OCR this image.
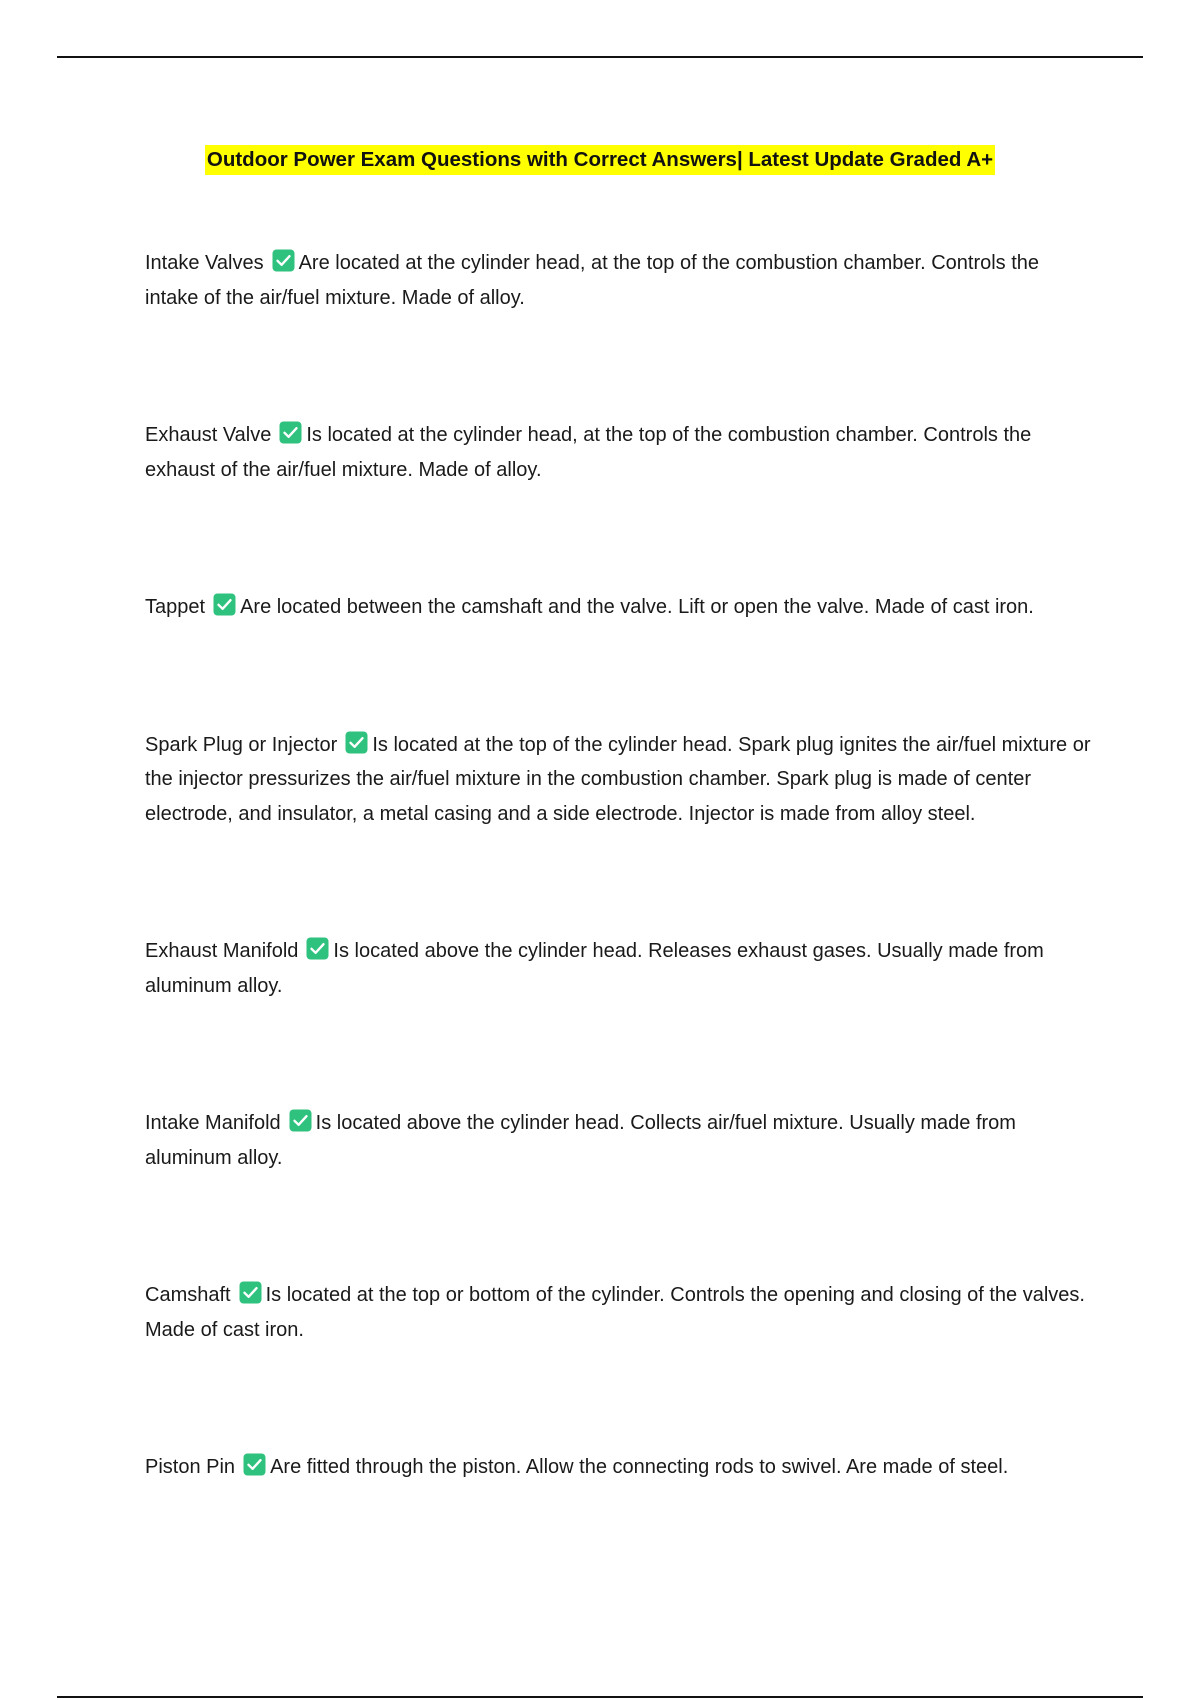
Outdoor Power Exam Questions with Correct Answers| Latest Update Graded A+

Intake Valves Are located at the cylinder head, at the top of the combustion chamber. Controls the intake of the air/fuel mixture. Made of alloy.

Exhaust Valve Is located at the cylinder head, at the top of the combustion chamber. Controls the exhaust of the air/fuel mixture. Made of alloy.

Tappet Are located between the camshaft and the valve. Lift or open the valve. Made of cast iron.

Spark Plug or Injector Is located at the top of the cylinder head. Spark plug ignites the air/fuel mixture or the injector pressurizes the air/fuel mixture in the combustion chamber. Spark plug is made of center electrode, and insulator, a metal casing and a side electrode. Injector is made from alloy steel.

Exhaust Manifold Is located above the cylinder head. Releases exhaust gases. Usually made from aluminum alloy.

Intake Manifold Is located above the cylinder head. Collects air/fuel mixture. Usually made from aluminum alloy.

Camshaft Is located at the top or bottom of the cylinder. Controls the opening and closing of the valves. Made of cast iron.

Piston Pin Are fitted through the piston. Allow the connecting rods to swivel. Are made of steel.
